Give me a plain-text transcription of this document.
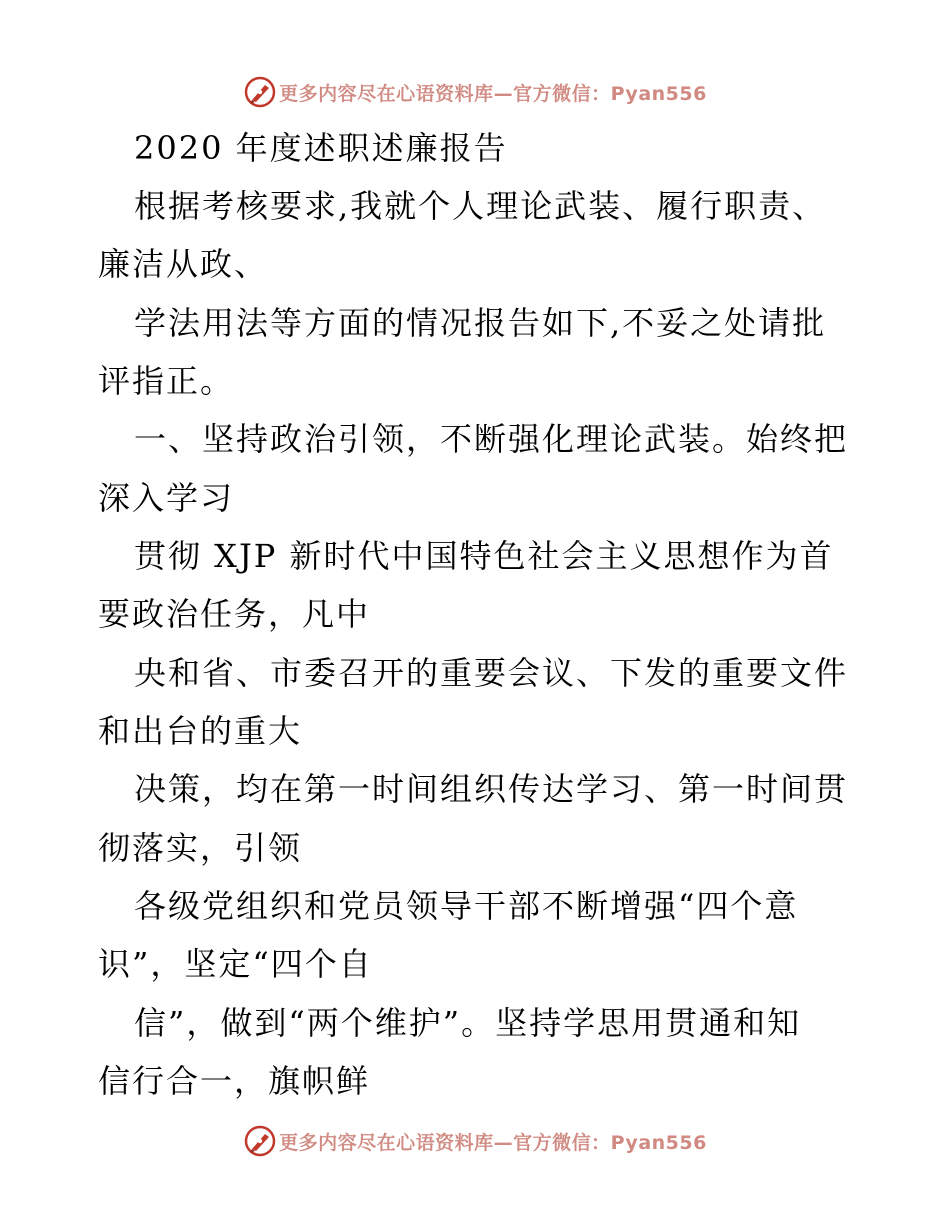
更多内容尽在心语资料库—官方微信：Pyan556
2020 年度述职述廉报告
根据考核要求,我就个人理论武装、履行职责、
廉洁从政、
学法用法等方面的情况报告如下,不妥之处请批
评指正。
一、坚持政治引领，不断强化理论武装。始终把
深入学习
贯彻 XJP 新时代中国特色社会主义思想作为首
要政治任务，凡中
央和省、市委召开的重要会议、下发的重要文件
和出台的重大
决策，均在第一时间组织传达学习、第一时间贯
彻落实，引领
各级党组织和党员领导干部不断增强“四个意
识”，坚定“四个自
信”，做到“两个维护”。坚持学思用贯通和知
信行合一，旗帜鲜
更多内容尽在心语资料库—官方微信：Pyan556
